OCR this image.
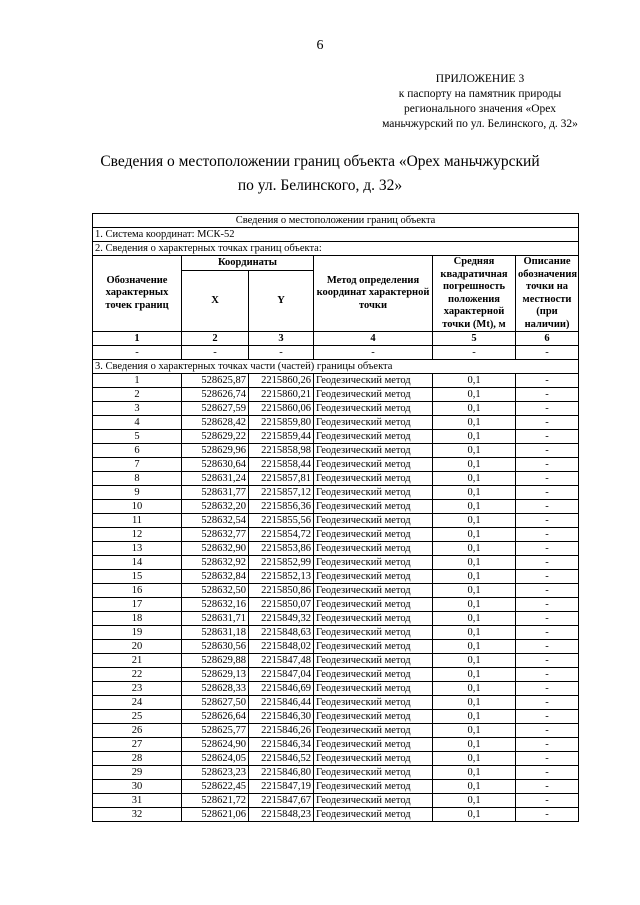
6
ПРИЛОЖЕНИЕ 3
к паспорту на памятник природы
регионального значения «Орех
маньчжурский по ул. Белинского, д. 32»
Сведения о местоположении границ объекта «Орех маньчжурский
по ул. Белинского, д. 32»
Сведения о местоположении границ объекта					
1. Система координат: МСК-52					
2. Сведения о характерных точках границ объекта:					
Обозначение характерных точек границ	Координаты		Метод определения координат характерной точки	Средняя квадратичная погрешность положения характерной точки (Mt), м	Описание обозначения точки на местности (при наличии)
	X	Y			
1	2	3	4	5	6
-	-	-	-	-	-
3. Сведения о характерных точках части (частей) границы объекта					
1	528625,87	2215860,26	Геодезический метод	0,1	-
2	528626,74	2215860,21	Геодезический метод	0,1	-
3	528627,59	2215860,06	Геодезический метод	0,1	-
4	528628,42	2215859,80	Геодезический метод	0,1	-
5	528629,22	2215859,44	Геодезический метод	0,1	-
6	528629,96	2215858,98	Геодезический метод	0,1	-
7	528630,64	2215858,44	Геодезический метод	0,1	-
8	528631,24	2215857,81	Геодезический метод	0,1	-
9	528631,77	2215857,12	Геодезический метод	0,1	-
10	528632,20	2215856,36	Геодезический метод	0,1	-
11	528632,54	2215855,56	Геодезический метод	0,1	-
12	528632,77	2215854,72	Геодезический метод	0,1	-
13	528632,90	2215853,86	Геодезический метод	0,1	-
14	528632,92	2215852,99	Геодезический метод	0,1	-
15	528632,84	2215852,13	Геодезический метод	0,1	-
16	528632,50	2215850,86	Геодезический метод	0,1	-
17	528632,16	2215850,07	Геодезический метод	0,1	-
18	528631,71	2215849,32	Геодезический метод	0,1	-
19	528631,18	2215848,63	Геодезический метод	0,1	-
20	528630,56	2215848,02	Геодезический метод	0,1	-
21	528629,88	2215847,48	Геодезический метод	0,1	-
22	528629,13	2215847,04	Геодезический метод	0,1	-
23	528628,33	2215846,69	Геодезический метод	0,1	-
24	528627,50	2215846,44	Геодезический метод	0,1	-
25	528626,64	2215846,30	Геодезический метод	0,1	-
26	528625,77	2215846,26	Геодезический метод	0,1	-
27	528624,90	2215846,34	Геодезический метод	0,1	-
28	528624,05	2215846,52	Геодезический метод	0,1	-
29	528623,23	2215846,80	Геодезический метод	0,1	-
30	528622,45	2215847,19	Геодезический метод	0,1	-
31	528621,72	2215847,67	Геодезический метод	0,1	-
32	528621,06	2215848,23	Геодезический метод	0,1	-
